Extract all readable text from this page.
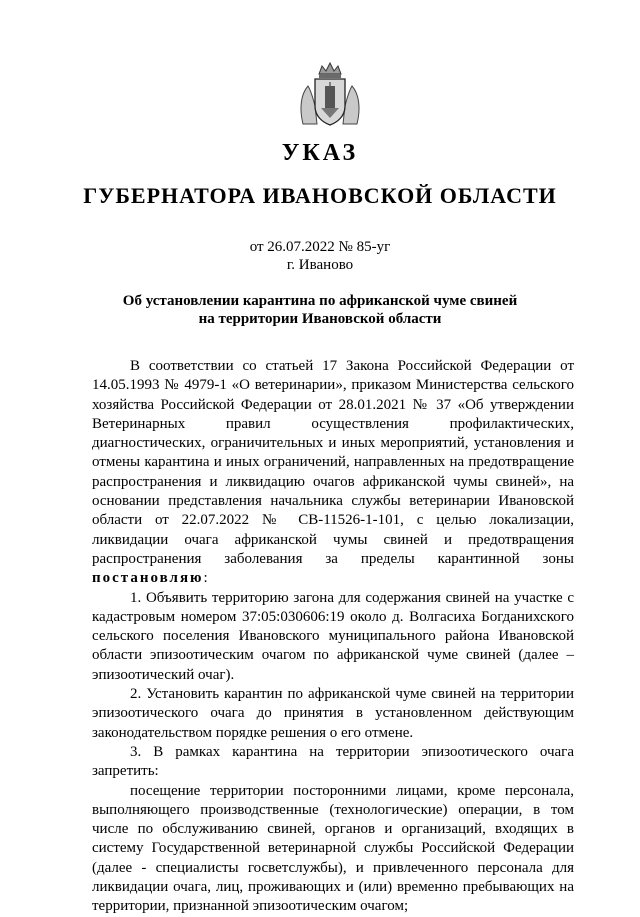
УКАЗ
ГУБЕРНАТОРА ИВАНОВСКОЙ ОБЛАСТИ
от 26.07.2022 № 85-уг
г. Иваново
Об установлении карантина по африканской чуме свиней
на территории Ивановской области

В соответствии со статьей 17 Закона Российской Федерации от 14.05.1993 № 4979-1 «О ветеринарии», приказом Министерства сельского хозяйства Российской Федерации от 28.01.2021 № 37 «Об утверждении Ветеринарных правил осуществления профилактических, диагностических, ограничительных и иных мероприятий, установления и отмены карантина и иных ограничений, направленных на предотвращение распространения и ликвидацию очагов африканской чумы свиней», на основании представления начальника службы ветеринарии Ивановской области от 22.07.2022 № СВ-11526-1-101, с целью локализации, ликвидации очага африканской чумы свиней и предотвращения распространения заболевания за пределы карантинной зоны постановляю:

1. Объявить территорию загона для содержания свиней на участке с кадастровым номером 37:05:030606:19 около д. Волгасиха Богданихского сельского поселения Ивановского муниципального района Ивановской области эпизоотическим очагом по африканской чуме свиней (далее – эпизоотический очаг).

2. Установить карантин по африканской чуме свиней на территории эпизоотического очага до принятия в установленном действующим законодательством порядке решения о его отмене.

3. В рамках карантина на территории эпизоотического очага запретить:

посещение территории посторонними лицами, кроме персонала, выполняющего производственные (технологические) операции, в том числе по обслуживанию свиней, органов и организаций, входящих в систему Государственной ветеринарной службы Российской Федерации (далее - специалисты госветслужбы), и привлеченного персонала для ликвидации очага, лиц, проживающих и (или) временно пребывающих на территории, признанной эпизоотическим очагом;
